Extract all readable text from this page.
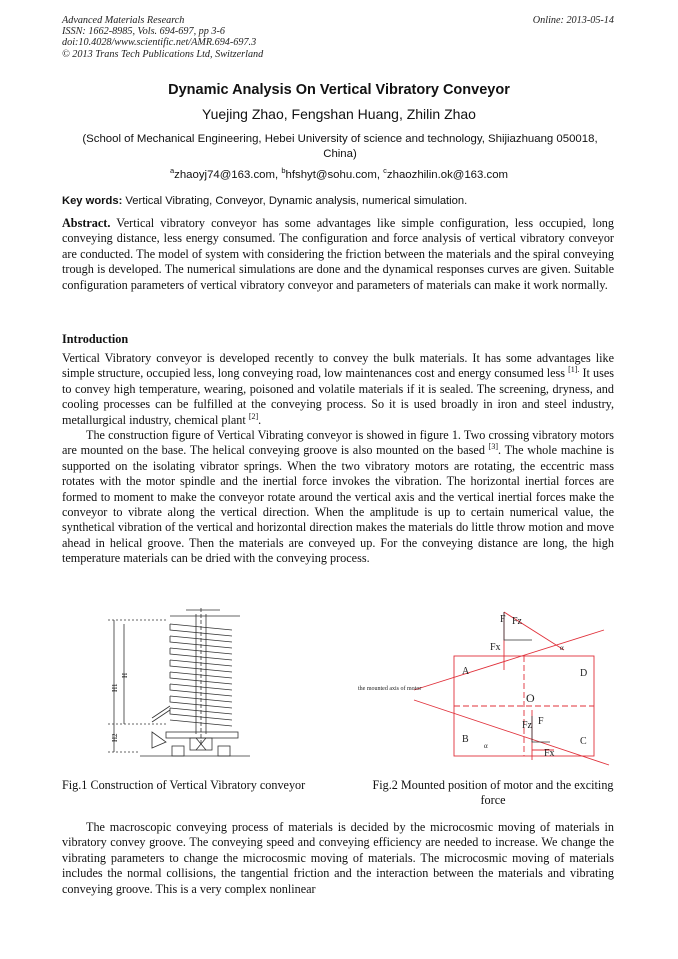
Advanced Materials Research
ISSN: 1662-8985, Vols. 694-697, pp 3-6
doi:10.4028/www.scientific.net/AMR.694-697.3
© 2013 Trans Tech Publications Ltd, Switzerland
Online: 2013-05-14
Dynamic Analysis On Vertical Vibratory Conveyor
Yuejing Zhao, Fengshan Huang, Zhilin Zhao
(School of Mechanical Engineering, Hebei University of science and technology, Shijiazhuang 050018, China)
$^a$zhaoyj74@163.com, $^b$hfshyt@sohu.com, $^c$zhaozhilin.ok@163.com
Key words: Vertical Vibrating, Conveyor, Dynamic analysis, numerical simulation.
Abstract. Vertical vibratory conveyor has some advantages like simple configuration, less occupied, long conveying distance, less energy consumed. The configuration and force analysis of vertical vibratory conveyor are conducted. The model of system with considering the friction between the materials and the spiral conveying trough is developed. The numerical simulations are done and the dynamical responses curves are given. Suitable configuration parameters of vertical vibratory conveyor and parameters of materials can make it work normally.
Introduction

Vertical Vibratory conveyor is developed recently to convey the bulk materials. It has some advantages like simple structure, occupied less, long conveying road, low maintenances cost and energy consumed less $^{[1].}$ It uses to convey high temperature, wearing, poisoned and volatile materials if it is sealed. The screening, dryness, and cooling processes can be fulfilled at the conveying process. So it is used broadly in iron and steel industry, metallurgical industry, chemical plant [2].

The construction figure of Vertical Vibrating conveyor is showed in figure 1. Two crossing vibratory motors are mounted on the base. The helical conveying groove is also mounted on the based [3]. The whole machine is supported on the isolating vibrator springs. When the two vibratory motors are rotating, the eccentric mass rotates with the motor spindle and the inertial force invokes the vibration. The horizontal inertial forces are formed to moment to make the conveyor rotate around the vertical axis and the vertical inertial forces make the conveyor to vibrate along the vertical direction. When the amplitude is up to certain numerical value, the synthetical vibration of the vertical and horizontal direction makes the materials do little throw motion and move ahead in helical groove. Then the materials are conveyed up. For the conveying distance are long, the high temperature materials can be dried with the conveying process.

H1
H
H2
F Fz
Fx	α
A	D
O
B	C
Fz F
Fx
α
the mounted axis of motor
Fig.1 Construction of Vertical Vibratory conveyor	Fig.2 Mounted position of motor and the exciting force
The macroscopic conveying process of materials is decided by the microcosmic moving of materials in vibratory convey groove. The conveying speed and conveying efficiency are needed to increase. We change the vibrating parameters to change the microcosmic moving of materials. The microcosmic moving of materials includes the normal collisions, the tangential friction and the interaction between the materials and vibrating conveying groove. This is a very complex nonlinear
